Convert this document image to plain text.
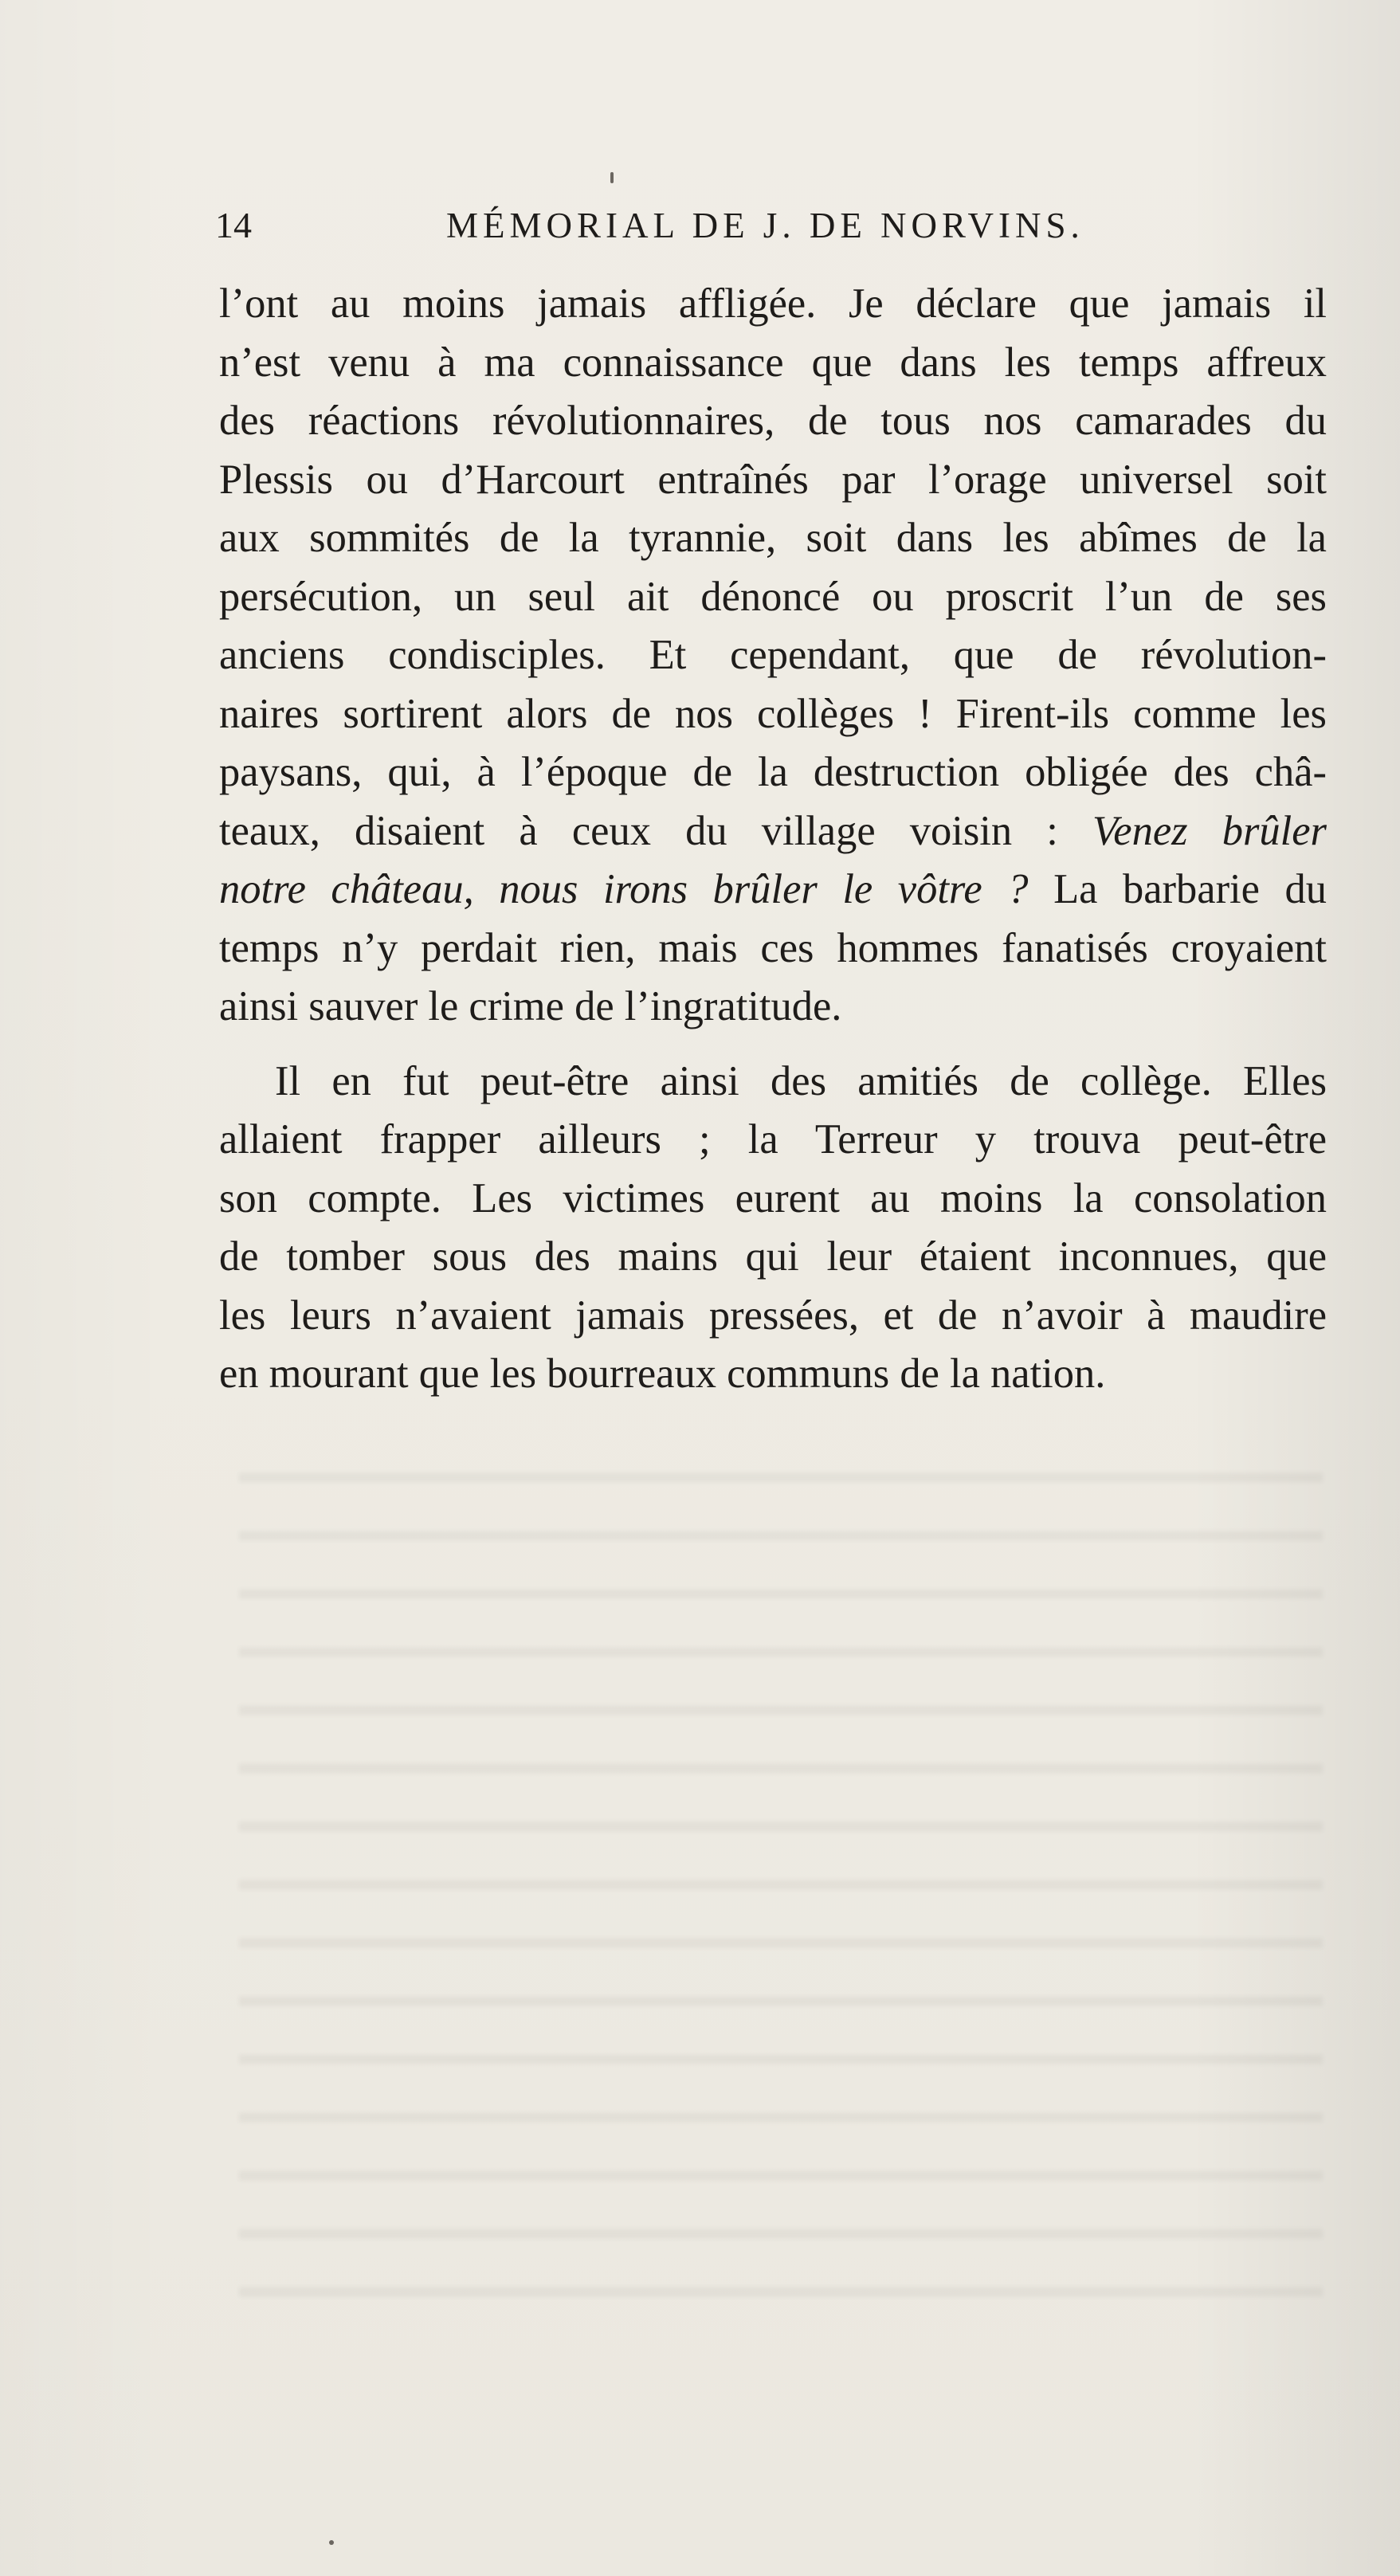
14	MÉMORIAL DE J. DE NORVINS.
l’ont au moins jamais affligée. Je déclare que jamais il
n’est venu à ma connaissance que dans les temps affreux
des réactions révolutionnaires, de tous nos camarades du
Plessis ou d’Harcourt entraînés par l’orage universel soit
aux sommités de la tyrannie, soit dans les abîmes de la
persécution, un seul ait dénoncé ou proscrit l’un de ses
anciens condisciples. Et cependant, que de révolution-
naires sortirent alors de nos collèges ! Firent-ils comme les
paysans, qui, à l’époque de la destruction obligée des châ-
teaux, disaient à ceux du village voisin : Venez brûler
notre château, nous irons brûler le vôtre ? La barbarie du
temps n’y perdait rien, mais ces hommes fanatisés croyaient
ainsi sauver le crime de l’ingratitude.
Il en fut peut-être ainsi des amitiés de collège. Elles
allaient frapper ailleurs ; la Terreur y trouva peut-être
son compte. Les victimes eurent au moins la consolation
de tomber sous des mains qui leur étaient inconnues, que
les leurs n’avaient jamais pressées, et de n’avoir à maudire
en mourant que les bourreaux communs de la nation.
